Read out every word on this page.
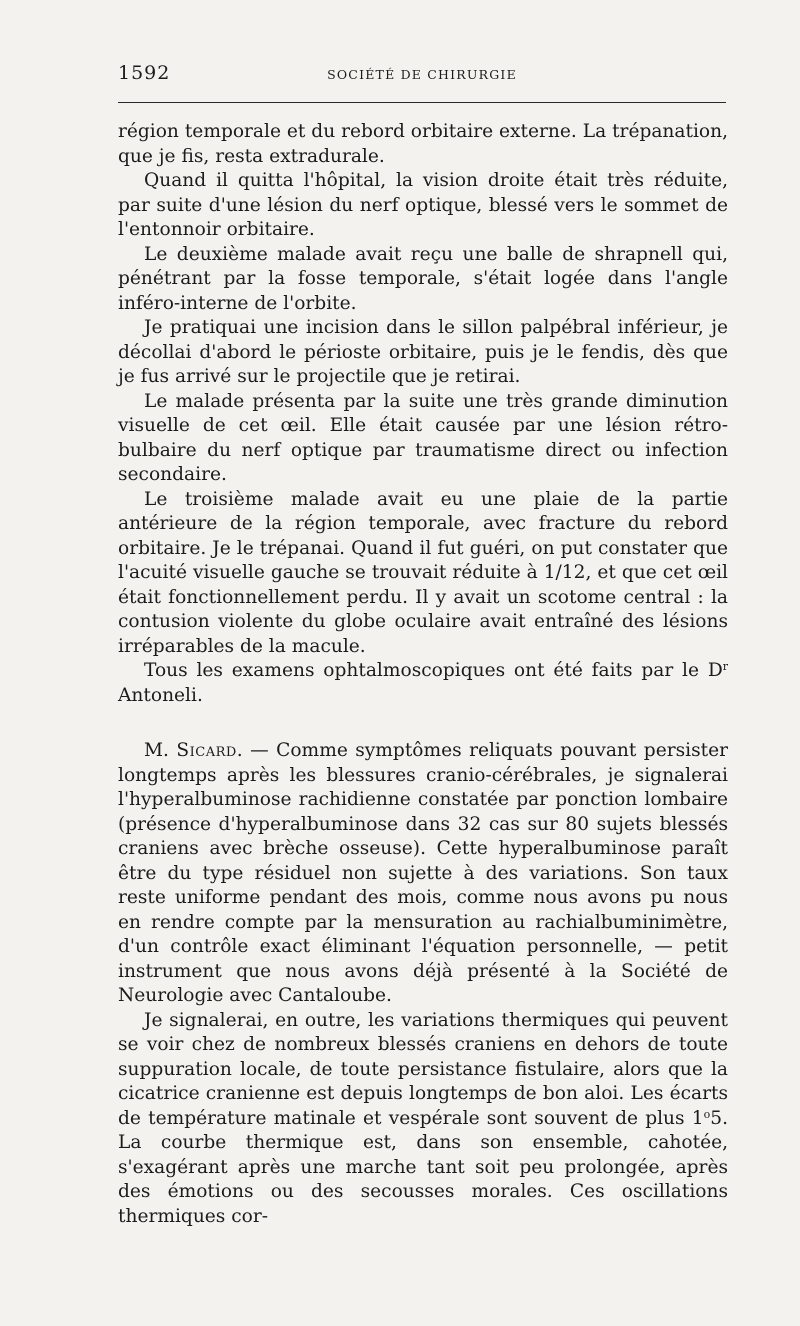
1592	SOCIÉTÉ DE CHIRURGIE

région temporale et du rebord orbitaire externe. La trépanation, que je fis, resta extradurale.

Quand il quitta l'hôpital, la vision droite était très réduite, par suite d'une lésion du nerf optique, blessé vers le sommet de l'entonnoir orbitaire.

Le deuxième malade avait reçu une balle de shrapnell qui, pénétrant par la fosse temporale, s'était logée dans l'angle inféro-interne de l'orbite.

Je pratiquai une incision dans le sillon palpébral inférieur, je décollai d'abord le périoste orbitaire, puis je le fendis, dès que je fus arrivé sur le projectile que je retirai.

Le malade présenta par la suite une très grande diminution visuelle de cet œil. Elle était causée par une lésion rétro-bulbaire du nerf optique par traumatisme direct ou infection secondaire.

Le troisième malade avait eu une plaie de la partie antérieure de la région temporale, avec fracture du rebord orbitaire. Je le trépanai. Quand il fut guéri, on put constater que l'acuité visuelle gauche se trouvait réduite à 1/12, et que cet œil était fonctionnellement perdu. Il y avait un scotome central : la contusion violente du globe oculaire avait entraîné des lésions irréparables de la macule.

Tous les examens ophtalmoscopiques ont été faits par le $D^r$ Antoneli.

M. Sicard. — Comme symptômes reliquats pouvant persister longtemps après les blessures cranio-cérébrales, je signalerai l'hyperalbuminose rachidienne constatée par ponction lombaire (présence d'hyperalbuminose dans 32 cas sur 80 sujets blessés craniens avec brèche osseuse). Cette hyperalbuminose paraît être du type résiduel non sujette à des variations. Son taux reste uniforme pendant des mois, comme nous avons pu nous en rendre compte par la mensuration au rachialbuminimètre, d'un contrôle exact éliminant l'équation personnelle, — petit instrument que nous avons déjà présenté à la Société de Neurologie avec Cantaloube.

Je signalerai, en outre, les variations thermiques qui peuvent se voir chez de nombreux blessés craniens en dehors de toute suppuration locale, de toute persistance fistulaire, alors que la cicatrice cranienne est depuis longtemps de bon aloi. Les écarts de température matinale et vespérale sont souvent de plus 1$^o$5. La courbe thermique est, dans son ensemble, cahotée, s'exagérant après une marche tant soit peu prolongée, après des émotions ou des secousses morales. Ces oscillations thermiques cor-
